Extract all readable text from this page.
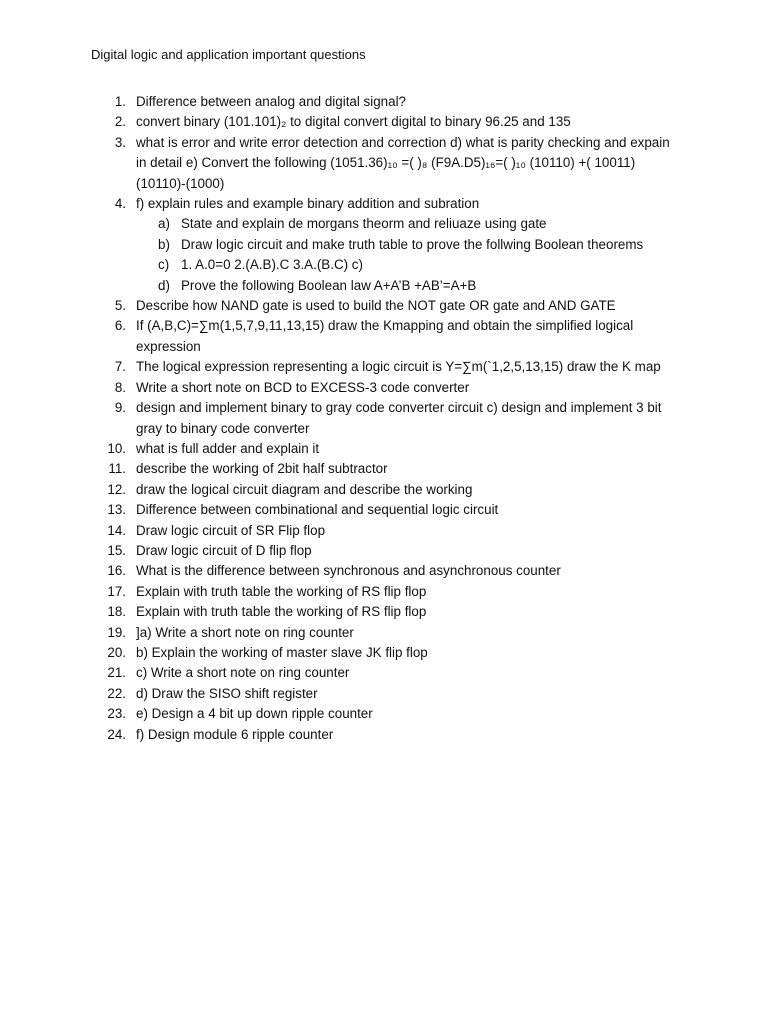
Digital logic and application important questions
1. Difference between analog and digital signal?
2. convert binary (101.101)₂ to digital convert digital to binary 96.25 and 135
3. what is error and write error detection and correction d) what is parity checking and expain in detail e) Convert the following (1051.36)₁₀ =( )₈ (F9A.D5)₁₆=( )₁₀ (10110) +( 10011) (10110)-(1000)
4. f) explain rules and example binary addition and subration
a) State and explain de morgans theorm and reliuaze using gate
b) Draw logic circuit and make truth table to prove the follwing Boolean theorems
c) 1. A.0=0 2.(A.B).C 3.A.(B.C) c)
d) Prove the following Boolean law A+A’B +AB’=A+B
5. Describe how NAND gate is used to build the NOT gate OR gate and AND GATE
6. If (A,B,C)=∑m(1,5,7,9,11,13,15) draw the Kmapping and obtain the simplified logical expression
7. The logical expression representing a logic circuit is Y=∑m(`1,2,5,13,15) draw the K map
8. Write a short note on BCD to EXCESS-3 code converter
9. design and implement binary to gray code converter circuit c) design and implement 3 bit gray to binary code converter
10. what is full adder and explain it
11. describe the working of 2bit half subtractor
12. draw the logical circuit diagram and describe the working
13. Difference between combinational and sequential logic circuit
14. Draw logic circuit of SR Flip flop
15. Draw logic circuit of D flip flop
16. What is the difference between synchronous and asynchronous counter
17. Explain with truth table the working of RS flip flop
18. Explain with truth table the working of RS flip flop
19. ]a) Write a short note on ring counter
20. b) Explain the working of master slave JK flip flop
21. c) Write a short note on ring counter
22. d) Draw the SISO shift register
23. e) Design a 4 bit up down ripple counter
24. f) Design module 6 ripple counter
